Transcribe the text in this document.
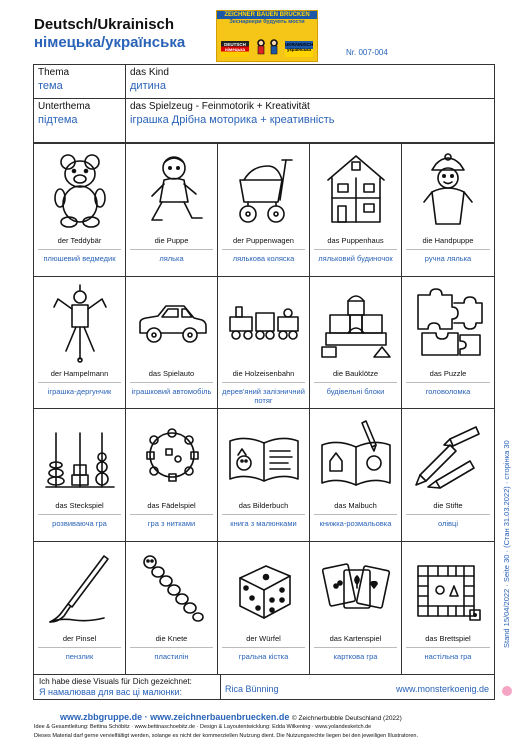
Deutsch/Ukrainisch
німецька/українська
ZEICHNER BAUEN BRÜCKEN
Зеснарнери будують мости
DEUTSCH німецька
UKRAINISCH українська	Nr. 007-004
Thema
тема	das Kind
дитина

Unterthema
підтема	das Spielzeug - Feinmotorik + Kreativität
іграшка Дрібна моторика + креативність
der Teddybär
плюшевий ведмедик
die Puppe
лялька
der Puppenwagen
лялькова коляска
das Puppenhaus
ляльковий будиночок
die Handpuppe
ручна лялька
der Hampelmann
іграшка-дергунчик
das Spielauto
іграшковий автомобіль
die Holzeisenbahn
дерев'яний залізничний потяг
die Bauklötze
будівельні блоки
das Puzzle
головоломка
das Steckspiel
розвиваюча гра
das Fädelspiel
гра з нитками
das Bilderbuch
книга з малюнками
das Malbuch
книжка-розмальовка
die Stifte
олівці
der Pinsel
пензлик
die Knete
пластилін
der Würfel
гральна кістка
das Kartenspiel
карткова гра
das Brettspiel
настільна гра
Ich habe diese Visuals für Dich gezeichnet:
Я намалював для вас ці малюнки:	Rica Bünning	www.monsterkoenig.de
www.zbbgruppe.de · www.zeichnerbauenbruecken.de © Zeichnerbubble Deutschland (2022)
Idee & Gesamtleitung: Bettina Schöbitz · www.bettinaschoebitz.de · Design & Layoutentwicklung: Edda Wilkening · www.yolandesketch.de
Dieses Material darf gerne vervielfältigt werden, solange es nicht der kommerziellen Nutzung dient. Die Nutzungsrechte liegen bei den jeweiligen Illustratoren.
Stand 15/04/2022 · Seite 30 · (Стан 31.03.2022) · сторінка 30
